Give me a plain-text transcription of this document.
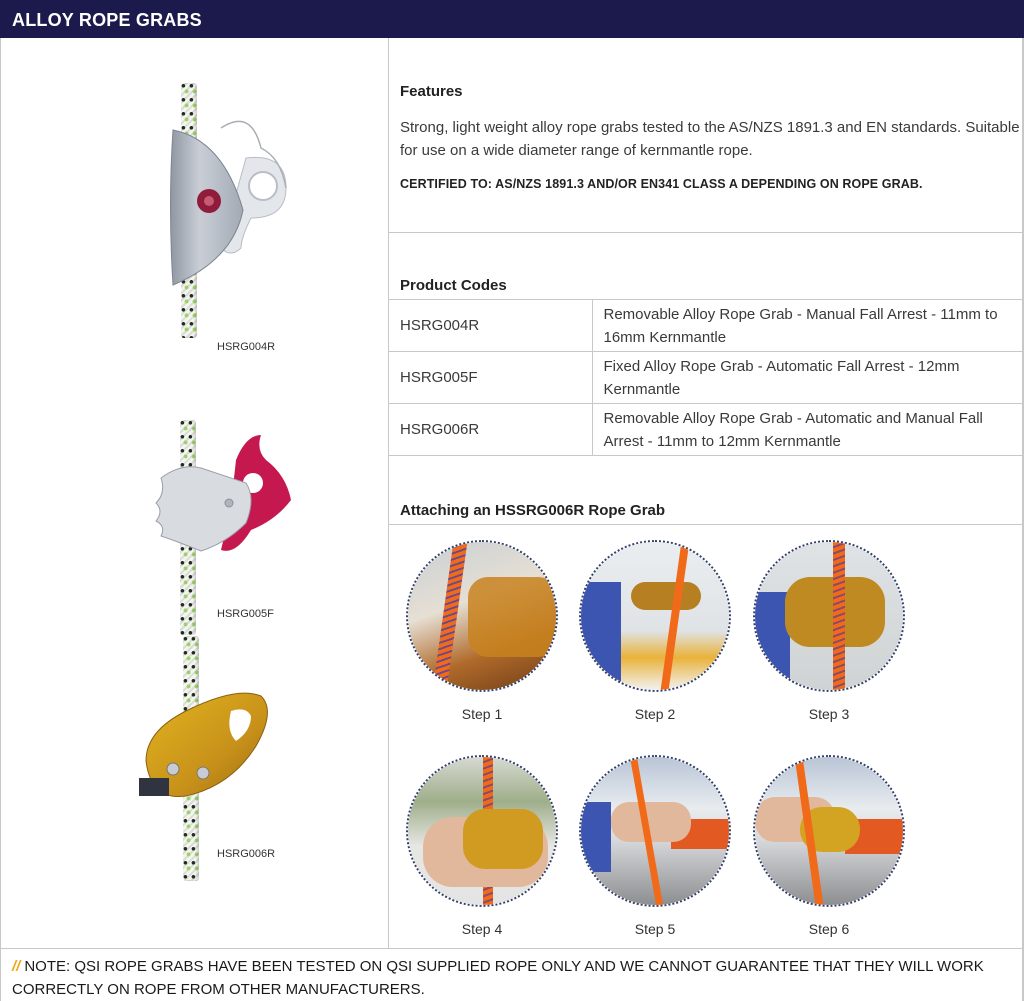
ALLOY ROPE GRABS
HSRG004R
HSRG005F
HSRG006R
Features
Strong, light weight alloy rope grabs tested to the AS/NZS 1891.3 and EN standards. Suitable for use on a wide diameter range of kernmantle rope.
CERTIFIED TO: AS/NZS 1891.3 AND/OR EN341 CLASS A DEPENDING ON ROPE GRAB.
Product Codes
HSRG004R	Removable Alloy Rope Grab - Manual Fall Arrest - 11mm to 16mm Kernmantle
HSRG005F	Fixed Alloy Rope Grab - Automatic Fall Arrest - 12mm Kernmantle
HSRG006R	Removable Alloy Rope Grab - Automatic and Manual Fall Arrest - 11mm to 12mm Kernmantle
Attaching an HSSRG006R Rope Grab
Step 1	Step 2	Step 3
Step 4	Step 5	Step 6
// NOTE: QSI ROPE GRABS HAVE BEEN TESTED ON QSI SUPPLIED ROPE ONLY AND WE CANNOT GUARANTEE THAT THEY WILL WORK CORRECTLY ON ROPE FROM OTHER MANUFACTURERS.
